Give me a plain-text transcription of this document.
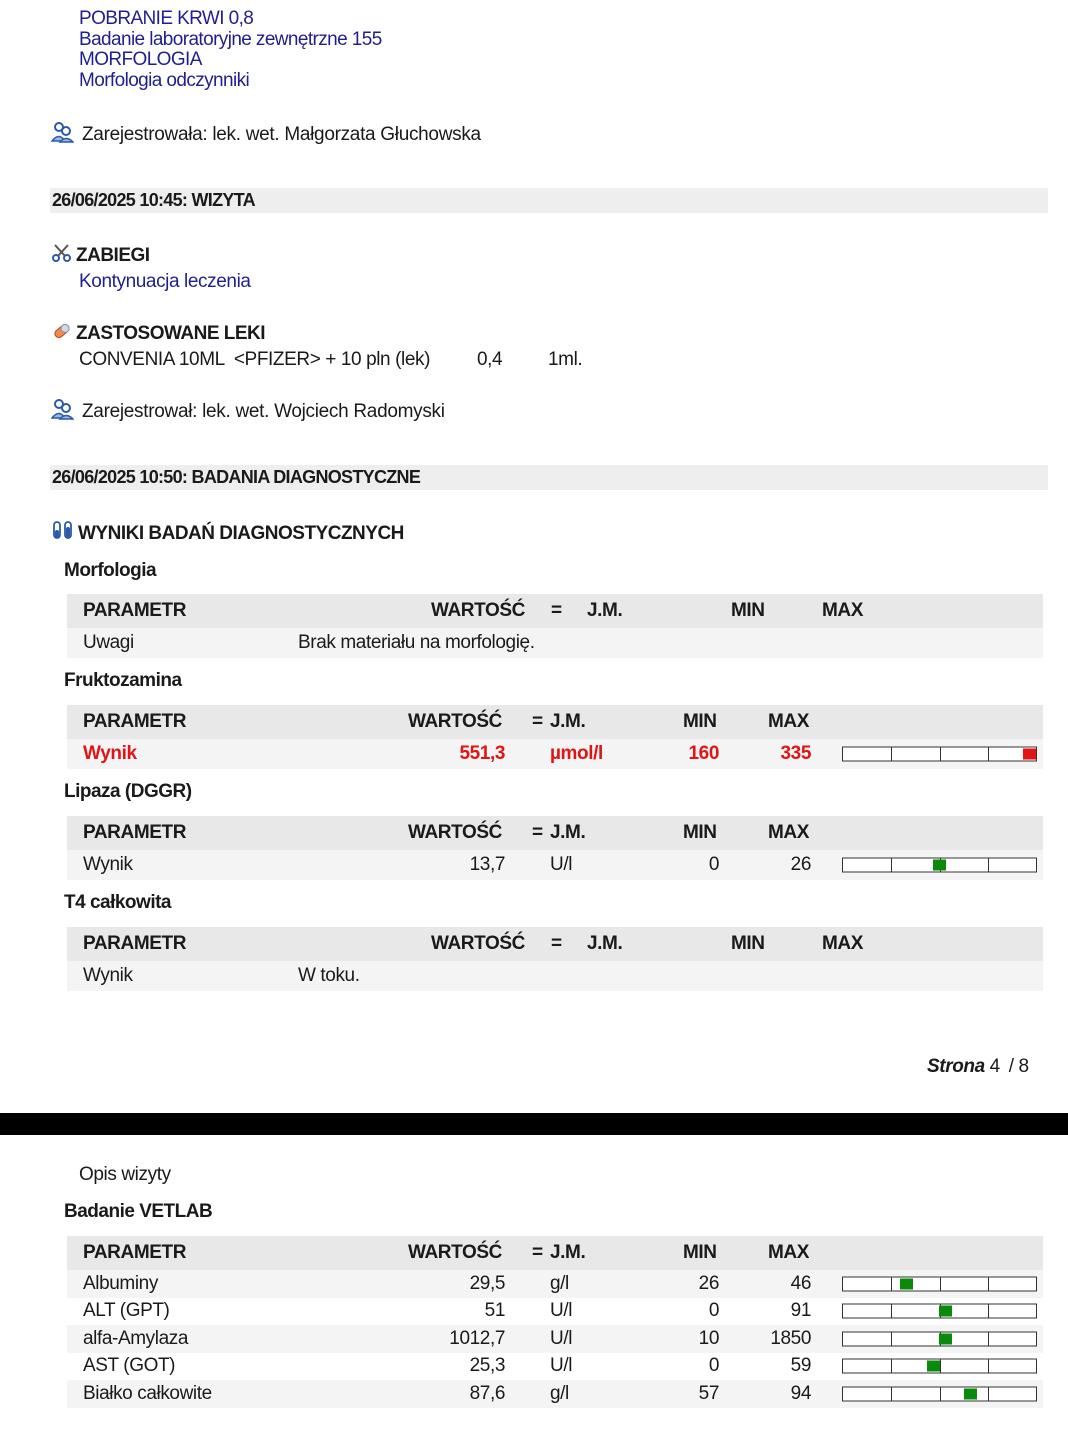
POBRANIE KRWI 0,8
Badanie laboratoryjne zewnętrzne 155
MORFOLOGIA
Morfologia odczynniki
Zarejestrowała: lek. wet. Małgorzata Głuchowska
26/06/2025 10:45: WIZYTA
ZABIEGI
Kontynuacja leczenia
ZASTOSOWANE LEKI
CONVENIA 10ML  <PFIZER> + 10 pln (lek) 0,4 1ml.
Zarejestrował: lek. wet. Wojciech Radomyski
26/06/2025 10:50: BADANIA DIAGNOSTYCZNE
WYNIKI BADAŃ DIAGNOSTYCZNYCH
Morfologia
PARAMETR	WARTOŚĆ = J.M.	MIN	MAX
Uwagi	Brak materiału na morfologię.
Fruktozamina
PARAMETR	WARTOŚĆ = J.M.	MIN	MAX
Wynik	551,3 µmol/l	160	335
Lipaza (DGGR)
PARAMETR	WARTOŚĆ = J.M.	MIN	MAX
Wynik	13,7 U/l	0	26
T4 całkowita
PARAMETR	WARTOŚĆ = J.M.	MIN	MAX
Wynik	W toku.
Strona 4 / 8
Opis wizyty
Badanie VETLAB
PARAMETR	WARTOŚĆ = J.M.	MIN	MAX
Albuminy	29,5 g/l	26	46
ALT (GPT)	51 U/l	0	91
alfa-Amylaza	1012,7 U/l	10	1850
AST (GOT)	25,3 U/l	0	59
Białko całkowite	87,6 g/l	57	94
